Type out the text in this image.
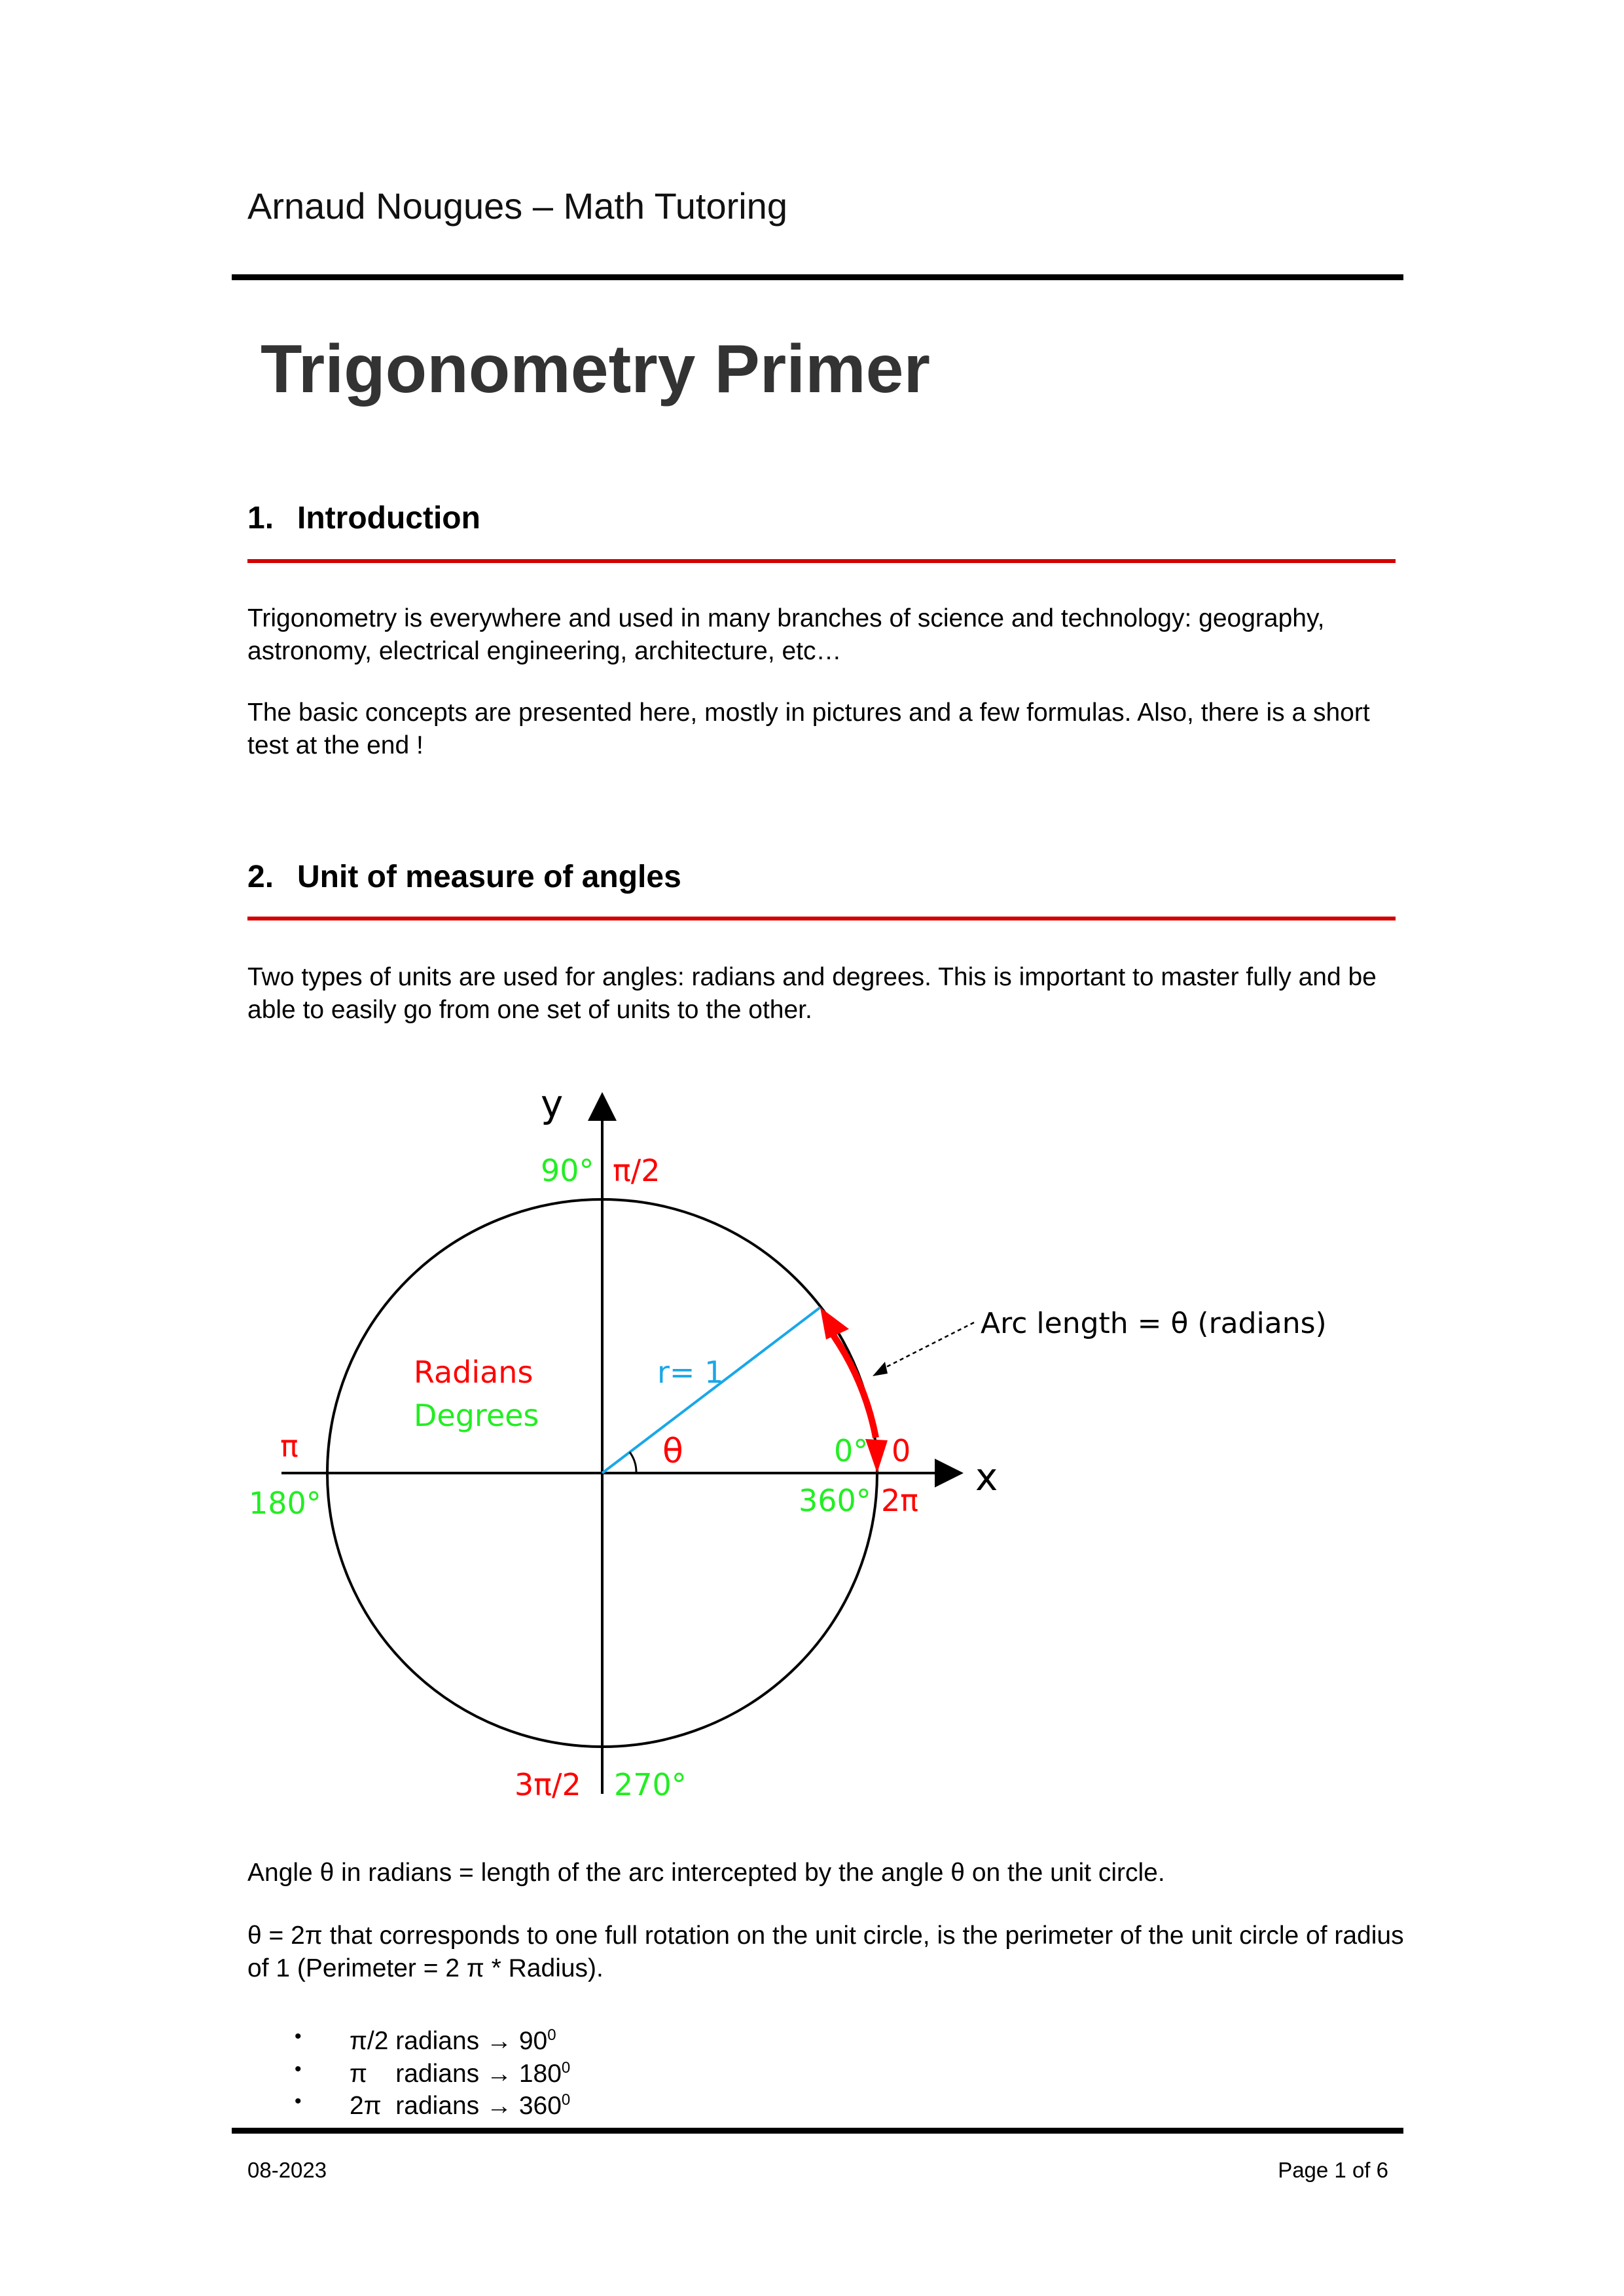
Arnaud Nougues – Math Tutoring
Trigonometry Primer
1. Introduction

Trigonometry is everywhere and used in many branches of science and technology: geography, astronomy, electrical engineering, architecture, etc…

The basic concepts are presented here, mostly in pictures and a few formulas. Also, there is a short test at the end !

2. Unit of measure of angles

Two types of units are used for angles: radians and degrees. This is important to master fully and be able to easily go from one set of units to the other.

y
x
90° π/2
π
180°
0° 0
360° 2π
3π/2 270°
Radians
Degrees
r= 1
θ
Arc length = θ (radians)

Angle θ in radians = length of the arc intercepted by the angle θ on the unit circle.

θ = 2π that corresponds to one full rotation on the unit circle, is the perimeter of the unit circle of radius of 1 (Perimeter = 2 π * Radius).

•	π/2 radians → $90^0$
•	π    radians → $180^0$
•	2π  radians → $360^0$
08-2023	Page 1 of 6
